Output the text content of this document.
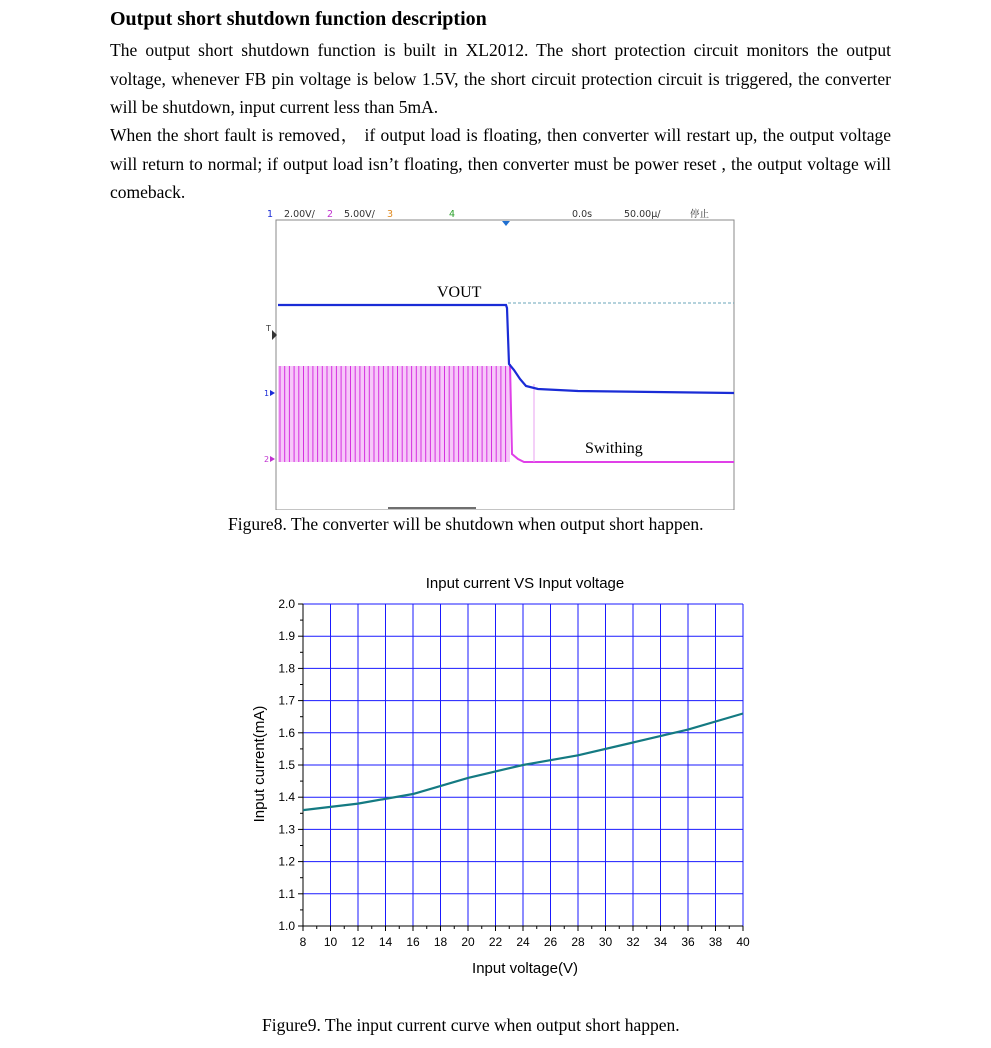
Output short shutdown function description

The output short shutdown function is built in XL2012. The short protection circuit monitors the output voltage, whenever FB pin voltage is below 1.5V, the short circuit protection circuit is triggered, the converter will be shutdown, input current less than 5mA.

When the short fault is removed， if output load is floating, then converter will restart up, the output voltage will return to normal; if output load isn’t floating, then converter must be power reset , the output voltage will comeback.

1 2.00V/ 2 5.00V/ 3	4	0.0s	50.00µ/	停止
T
1
2
VOUT
Swithing

Figure8. The converter will be shutdown when output short happen.

Input current VS Input voltage
8 10 12 14 16 18 20 22 24 26 28 30 32 34 36 38 40
1.0
1.1
1.2
1.3
1.4
1.5
1.6
1.7
1.8
1.9
2.0
Input voltage(V)
Input current(mA)

Figure9. The input current curve when output short happen.
